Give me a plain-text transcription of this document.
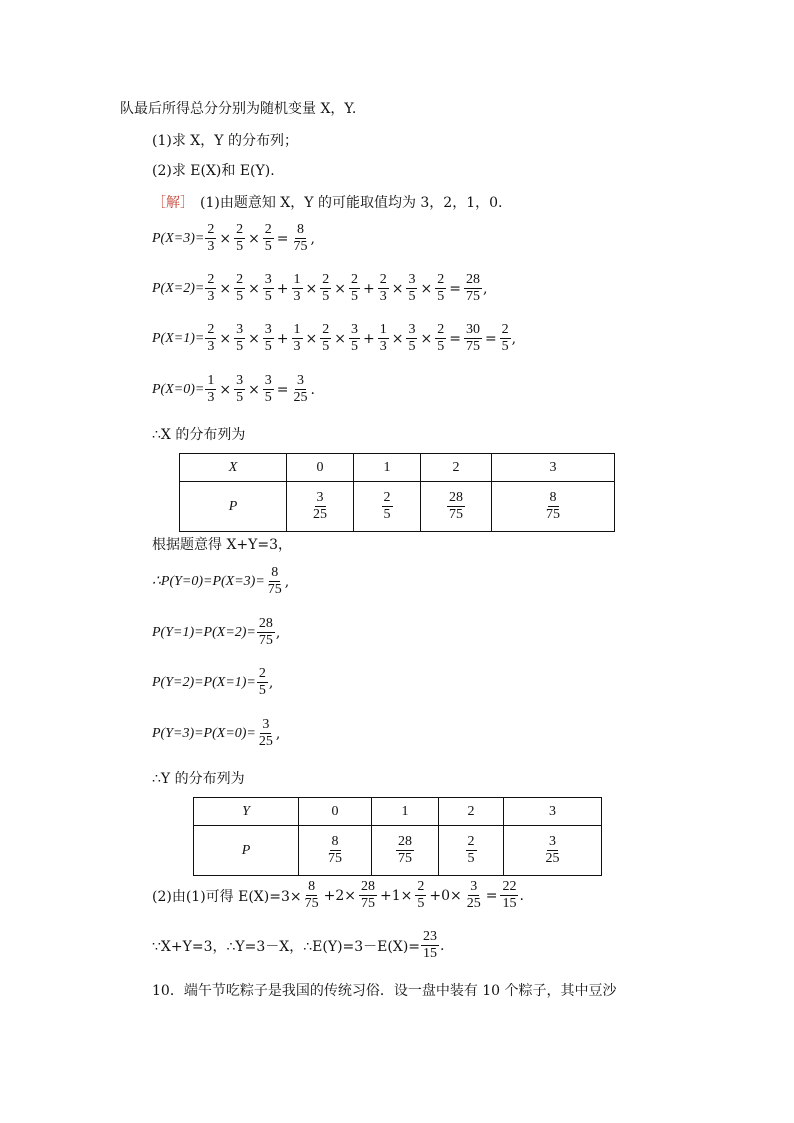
队最后所得总分分别为随机变量 X，Y.
(1)求 X，Y 的分布列；
(2)求 E(X)和 E(Y).
［解］ (1)由题意知 X，Y 的可能取值均为 3，2，1，0.
$P(X=3)= \frac{2}{3} \times \frac{2}{5} \times \frac{2}{5} = \frac{8}{75}$ ,
$P(X=2)= \frac{2}{3} \times \frac{2}{5} \times \frac{3}{5} + \frac{1}{3} \times \frac{2}{5} \times \frac{2}{5} + \frac{2}{3} \times \frac{3}{5} \times \frac{2}{5} = \frac{28}{75}$ ,
$P(X=1)= \frac{2}{3} \times \frac{3}{5} \times \frac{3}{5} + \frac{1}{3} \times \frac{2}{5} \times \frac{3}{5} + \frac{1}{3} \times \frac{3}{5} \times \frac{2}{5} = \frac{30}{75} = \frac{2}{5}$ ,
$P(X=0)= \frac{1}{3} \times \frac{3}{5} \times \frac{3}{5} = \frac{3}{25}$ .
∴X 的分布列为
X	0	1	2	3
P	$\frac{3}{25}$	$\frac{2}{5}$	$\frac{28}{75}$	$\frac{8}{75}$
根据题意得 X+Y=3，
∴P(Y=0)=P(X=3)= $\frac{8}{75}$ ,
$P(Y=1)=P(X=2)= \frac{28}{75}$ ,
$P(Y=2)=P(X=1)= \frac{2}{5}$ ,
$P(Y=3)=P(X=0)= \frac{3}{25}$ ,
∴Y 的分布列为
Y	0	1	2	3
P	$\frac{8}{75}$	$\frac{28}{75}$	$\frac{2}{5}$	$\frac{3}{25}$
(2)由(1)可得 $E(X)=3\times \frac{8}{75} +2\times \frac{28}{75} +1\times \frac{2}{5} +0\times \frac{3}{25} = \frac{22}{15}$ .
∵X+Y=3，∴Y=3－X，∴E(Y)=3－E(X)= $\frac{23}{15}$ .
10．端午节吃粽子是我国的传统习俗．设一盘中装有 10 个粽子，其中豆沙
